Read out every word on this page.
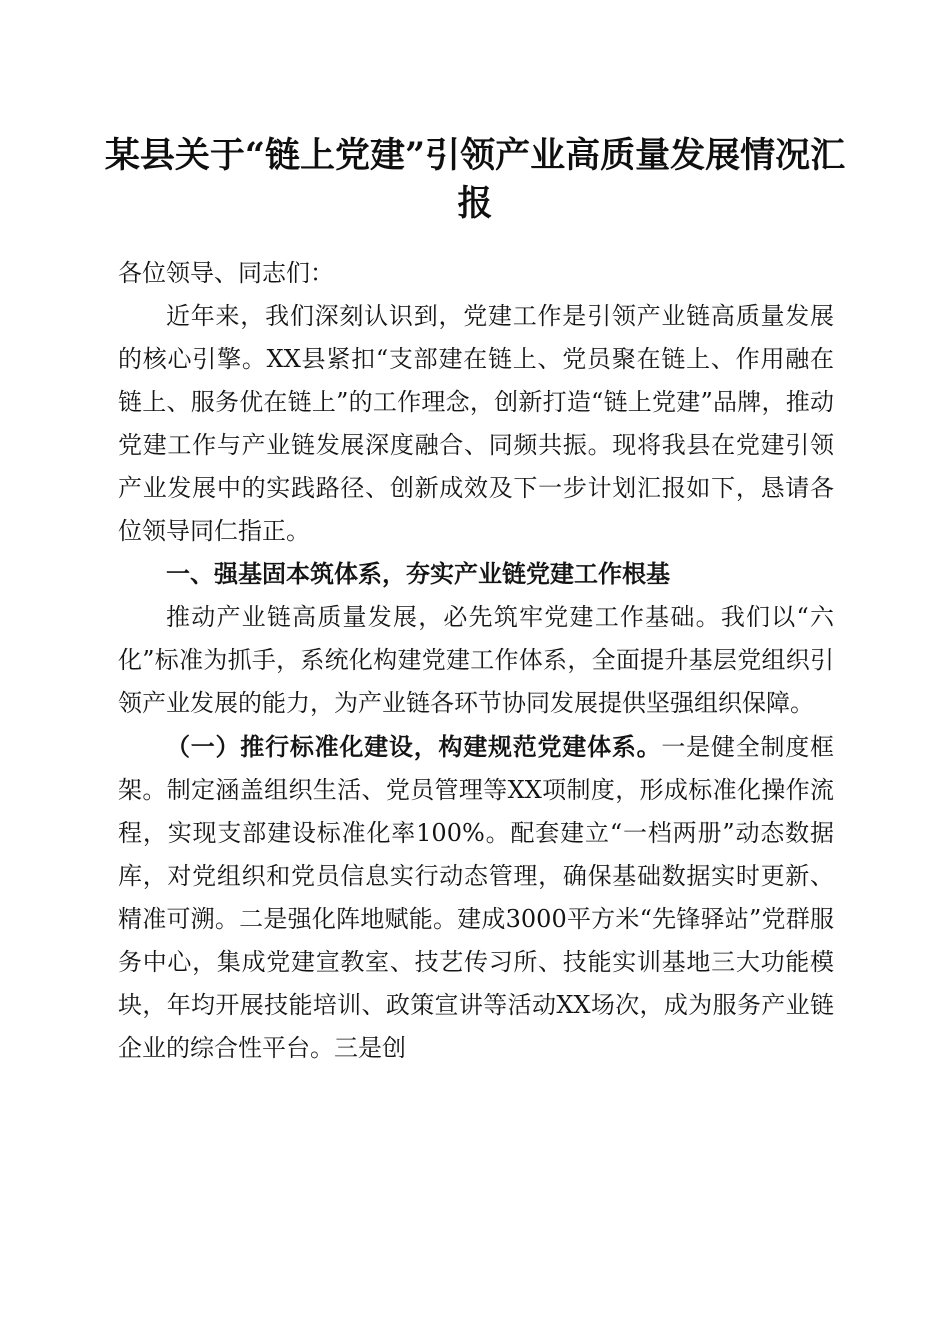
某县关于“链上党建”引领产业高质量发展情况汇报

各位领导、同志们：

近年来，我们深刻认识到，党建工作是引领产业链高质量发展的核心引擎。XX县紧扣“支部建在链上、党员聚在链上、作用融在链上、服务优在链上”的工作理念，创新打造“链上党建”品牌，推动党建工作与产业链发展深度融合、同频共振。现将我县在党建引领产业发展中的实践路径、创新成效及下一步计划汇报如下，恳请各位领导同仁指正。

一、强基固本筑体系，夯实产业链党建工作根基

推动产业链高质量发展，必先筑牢党建工作基础。我们以“六化”标准为抓手，系统化构建党建工作体系，全面提升基层党组织引领产业发展的能力，为产业链各环节协同发展提供坚强组织保障。

（一）推行标准化建设，构建规范党建体系。一是健全制度框架。制定涵盖组织生活、党员管理等XX项制度，形成标准化操作流程，实现支部建设标准化率100%。配套建立“一档两册”动态数据库，对党组织和党员信息实行动态管理，确保基础数据实时更新、精准可溯。二是强化阵地赋能。建成3000平方米“先锋驿站”党群服务中心，集成党建宣教室、技艺传习所、技能实训基地三大功能模块，年均开展技能培训、政策宣讲等活动XX场次，成为服务产业链企业的综合性平台。三是创
